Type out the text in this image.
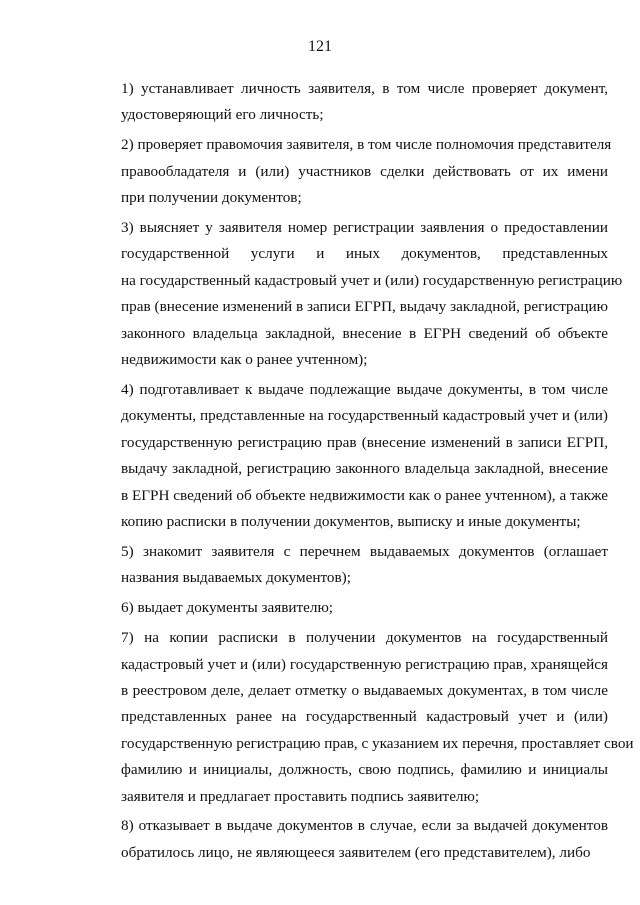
121
1) устанавливает личность заявителя, в том числе проверяет документ,
удостоверяющий его личность;
2) проверяет правомочия заявителя, в том числе полномочия представителя
правообладателя и (или) участников сделки действовать от их имени
при получении документов;
3) выясняет у заявителя номер регистрации заявления о предоставлении
государственной услуги и иных документов, представленных
на государственный кадастровый учет и (или) государственную регистрацию
прав (внесение изменений в записи ЕГРП, выдачу закладной, регистрацию
законного владельца закладной, внесение в ЕГРН сведений об объекте
недвижимости как о ранее учтенном);
4) подготавливает к выдаче подлежащие выдаче документы, в том числе
документы, представленные на государственный кадастровый учет и (или)
государственную регистрацию прав (внесение изменений в записи ЕГРП,
выдачу закладной, регистрацию законного владельца закладной, внесение
в ЕГРН сведений об объекте недвижимости как о ранее учтенном), а также
копию расписки в получении документов, выписку и иные документы;
5) знакомит заявителя с перечнем выдаваемых документов (оглашает
названия выдаваемых документов);
6) выдает документы заявителю;
7) на копии расписки в получении документов на государственный
кадастровый учет и (или) государственную регистрацию прав, хранящейся
в реестровом деле, делает отметку о выдаваемых документах, в том числе
представленных ранее на государственный кадастровый учет и (или)
государственную регистрацию прав, с указанием их перечня, проставляет свои
фамилию и инициалы, должность, свою подпись, фамилию и инициалы
заявителя и предлагает проставить подпись заявителю;
8) отказывает в выдаче документов в случае, если за выдачей документов
обратилось лицо, не являющееся заявителем (его представителем), либо
